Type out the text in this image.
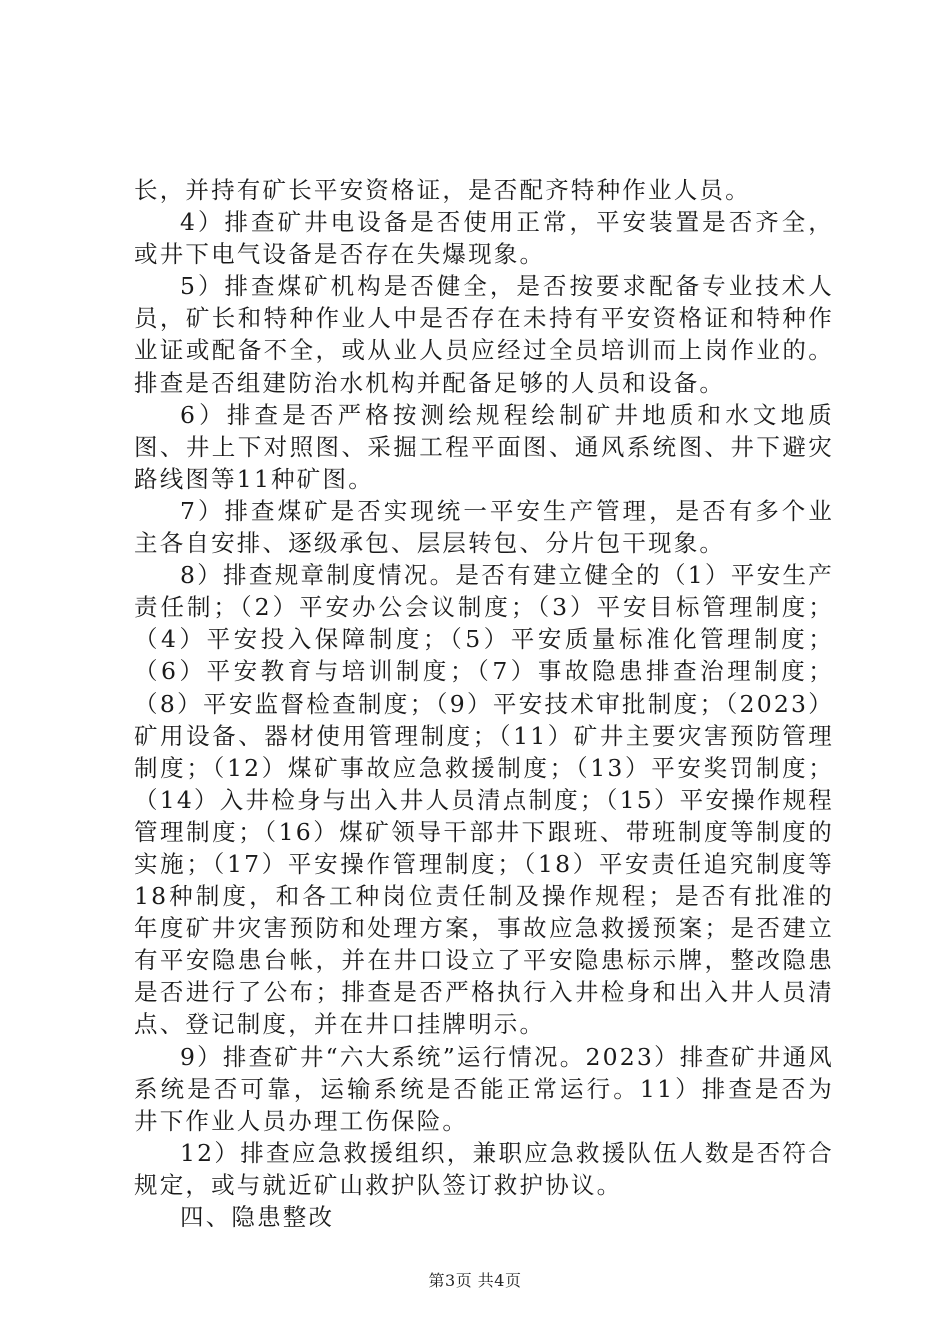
长，并持有矿长平安资格证，是否配齐特种作业人员。

4）排查矿井电设备是否使用正常，平安装置是否齐全，或井下电气设备是否存在失爆现象。

5）排查煤矿机构是否健全，是否按要求配备专业技术人员，矿长和特种作业人中是否存在未持有平安资格证和特种作业证或配备不全，或从业人员应经过全员培训而上岗作业的。排查是否组建防治水机构并配备足够的人员和设备。

6）排查是否严格按测绘规程绘制矿井地质和水文地质图、井上下对照图、采掘工程平面图、通风系统图、井下避灾路线图等11种矿图。

7）排查煤矿是否实现统一平安生产管理，是否有多个业主各自安排、逐级承包、层层转包、分片包干现象。

8）排查规章制度情况。是否有建立健全的（1）平安生产责任制；（2）平安办公会议制度；（3）平安目标管理制度；（4）平安投入保障制度；（5）平安质量标准化管理制度；（6）平安教育与培训制度；（7）事故隐患排查治理制度；（8）平安监督检查制度；（9）平安技术审批制度；（2023）矿用设备、器材使用管理制度；（11）矿井主要灾害预防管理制度；（12）煤矿事故应急救援制度；（13）平安奖罚制度；（14）入井检身与出入井人员清点制度；（15）平安操作规程管理制度；（16）煤矿领导干部井下跟班、带班制度等制度的实施；（17）平安操作管理制度；（18）平安责任追究制度等18种制度，和各工种岗位责任制及操作规程；是否有批准的年度矿井灾害预防和处理方案，事故应急救援预案；是否建立有平安隐患台帐，并在井口设立了平安隐患标示牌，整改隐患是否进行了公布；排查是否严格执行入井检身和出入井人员清点、登记制度，并在井口挂牌明示。

9）排查矿井“六大系统”运行情况。2023）排查矿井通风系统是否可靠，运输系统是否能正常运行。11）排查是否为井下作业人员办理工伤保险。

12）排查应急救援组织，兼职应急救援队伍人数是否符合规定，或与就近矿山救护队签订救护协议。

四、隐患整改

第3页 共4页
